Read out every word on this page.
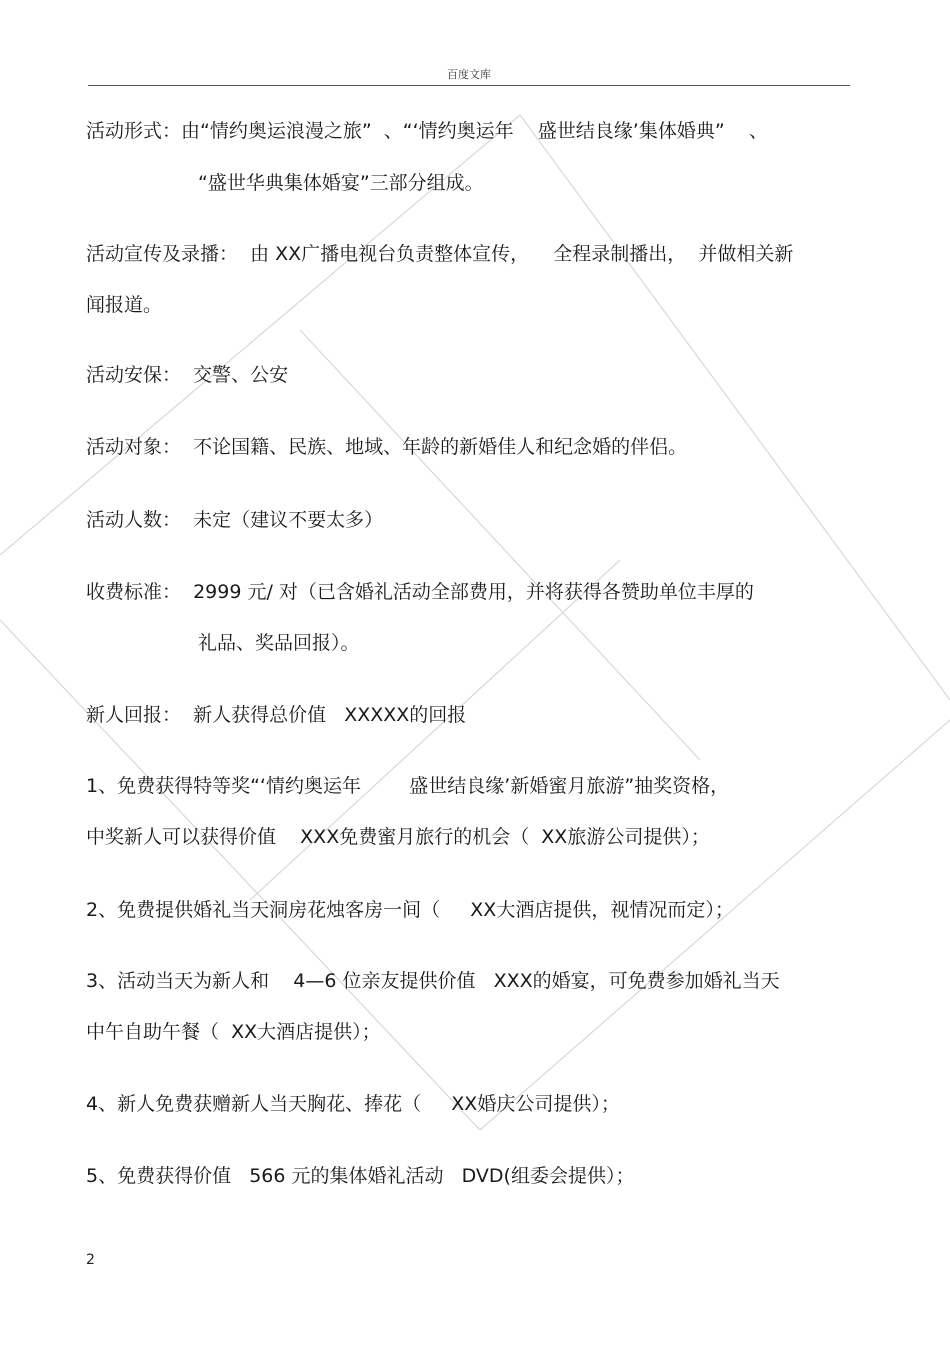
百度文库
活动形式：由“情约奥运浪漫之旅”  、“‘情约奥运年    盛世结良缘’集体婚典”    、
“盛世华典集体婚宴”三部分组成。
活动宣传及录播：  由 XX广播电视台负责整体宣传，    全程录制播出，  并做相关新
闻报道。
活动安保：  交警、公安
活动对象：  不论国籍、民族、地域、年龄的新婚佳人和纪念婚的伴侣。
活动人数：  未定（建议不要太多）
收费标准：  2999 元/ 对（已含婚礼活动全部费用，并将获得各赞助单位丰厚的
礼品、奖品回报）。
新人回报：  新人获得总价值   XXXXX的回报
1、免费获得特等奖“‘情约奥运年        盛世结良缘’新婚蜜月旅游”抽奖资格，
中奖新人可以获得价值    XXX免费蜜月旅行的机会（  XX旅游公司提供）；
2、免费提供婚礼当天洞房花烛客房一间（     XX大酒店提供，视情况而定）；
3、活动当天为新人和    4—6 位亲友提供价值   XXX的婚宴，可免费参加婚礼当天
中午自助午餐（  XX大酒店提供）；
4、新人免费获赠新人当天胸花、捧花（     XX婚庆公司提供）；
5、免费获得价值   566 元的集体婚礼活动   DVD(组委会提供）；
2
